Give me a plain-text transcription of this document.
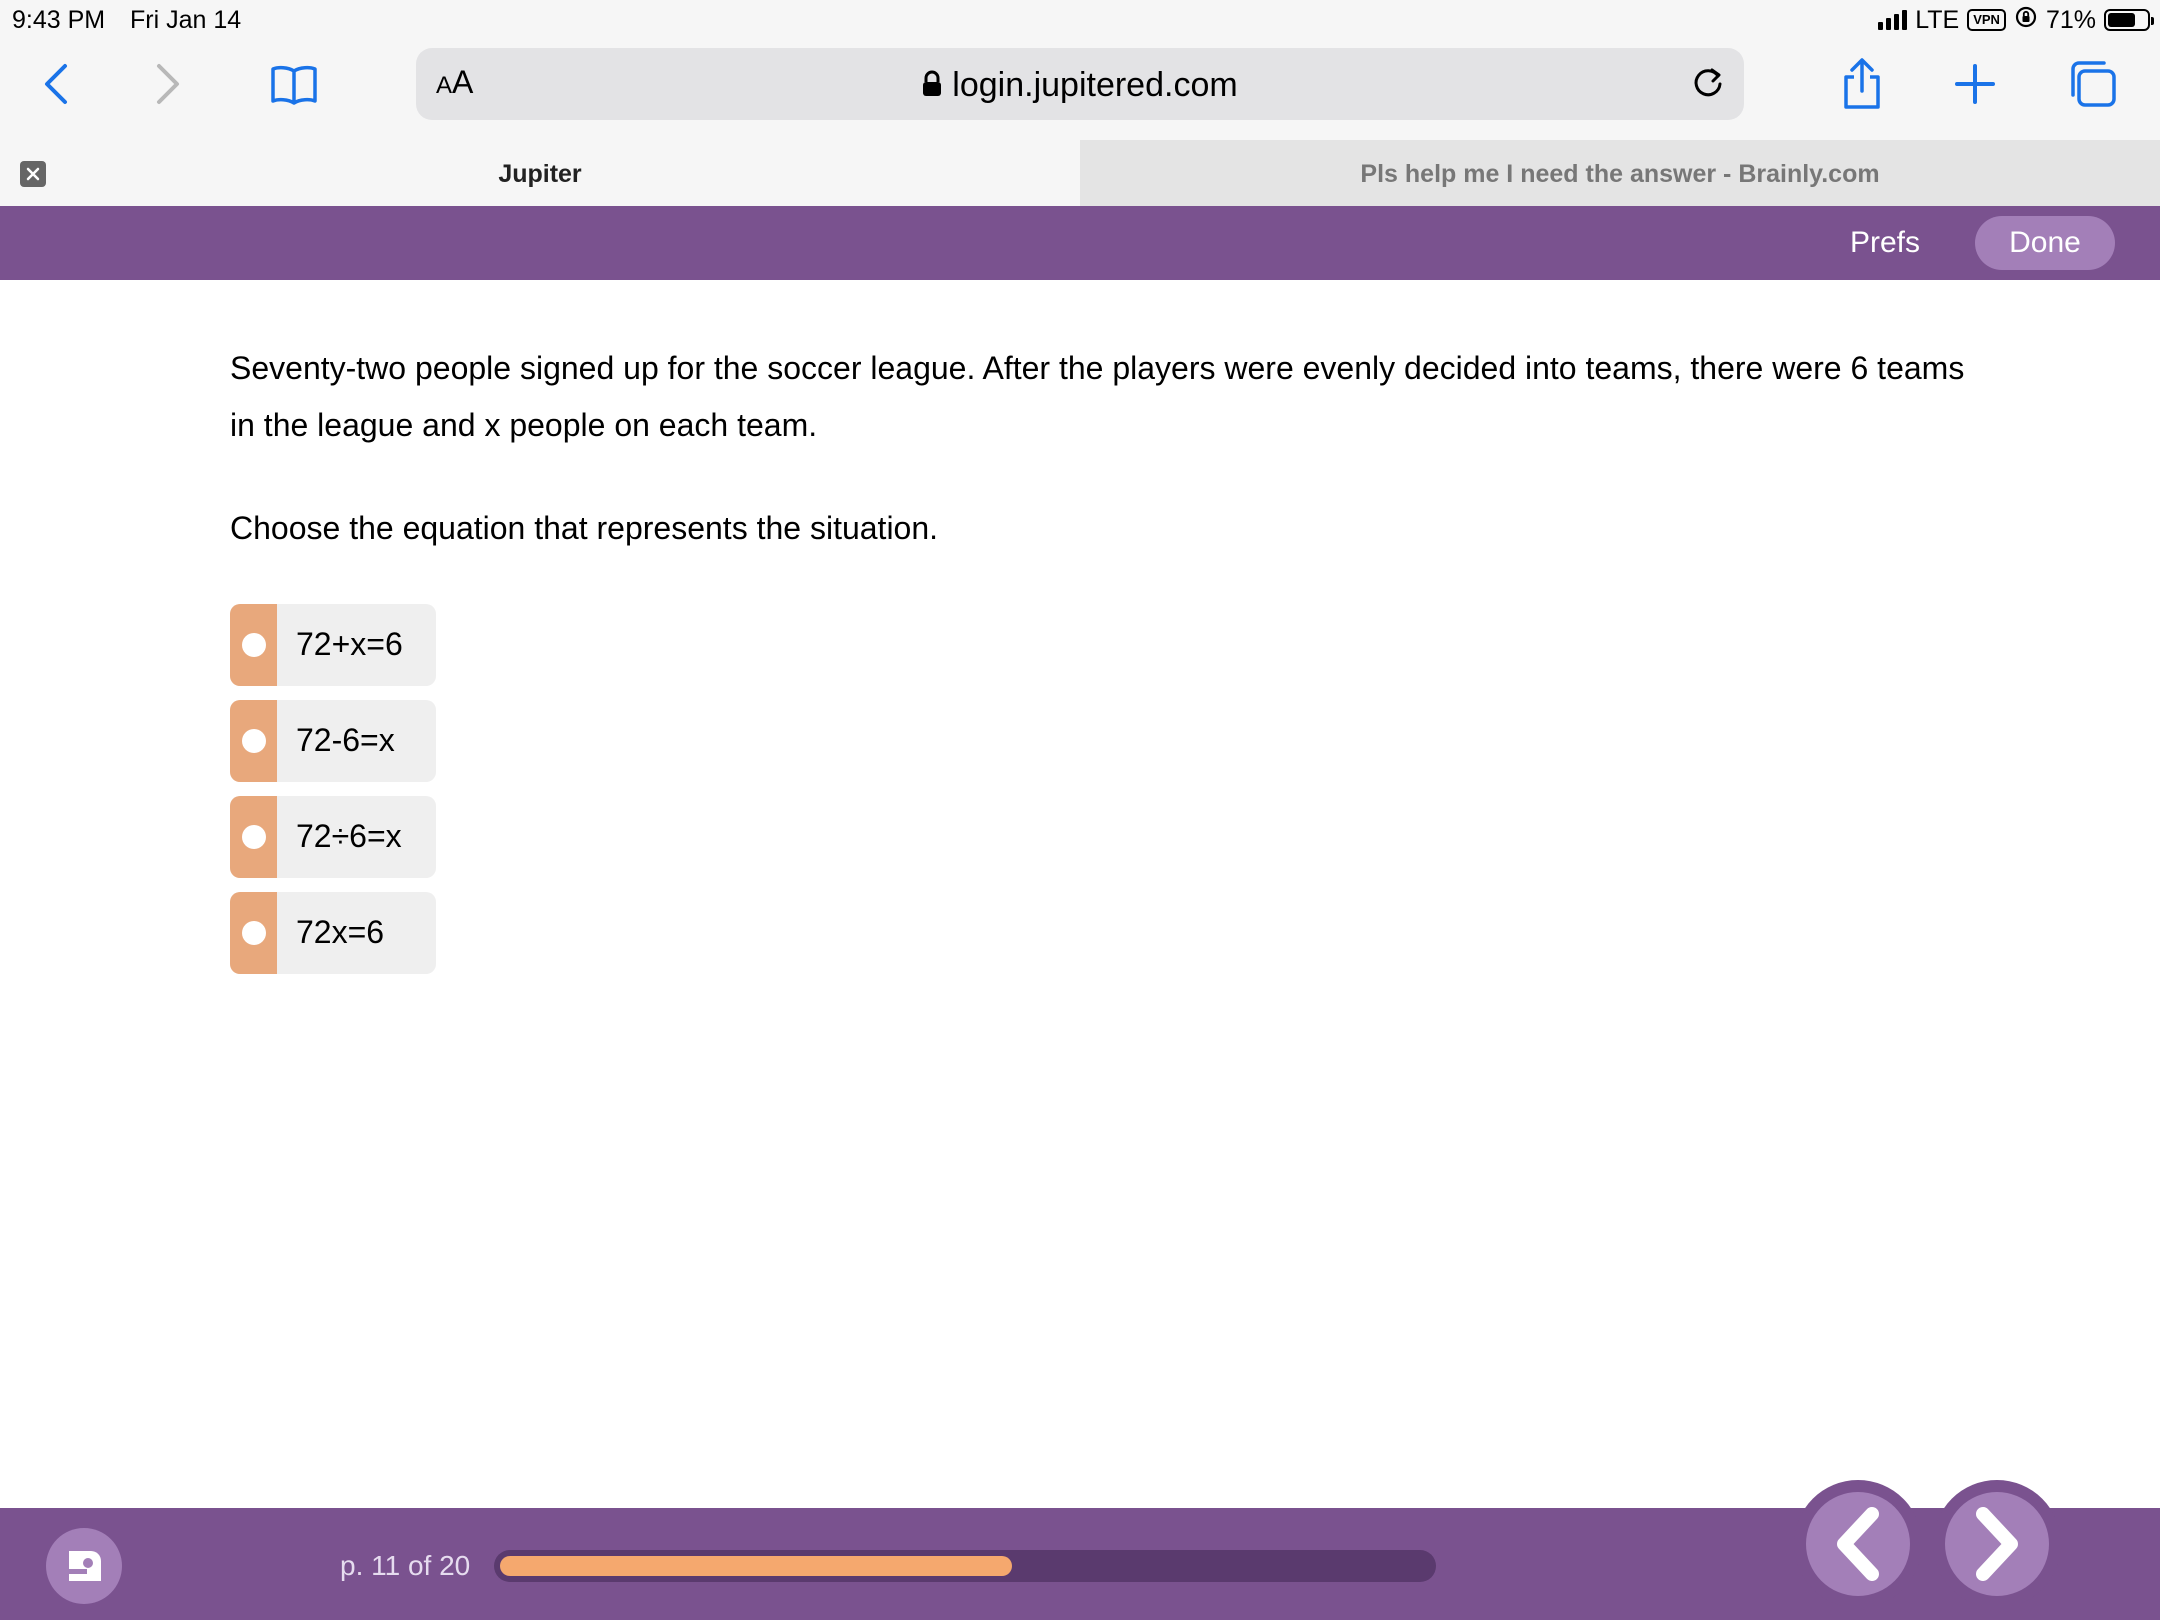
9:43 PM Fri Jan 14	LTE	VPN 71%
AA	login.jupitered.com
Jupiter	Pls help me I need the answer - Brainly.com
Prefs	Done
Seventy-two people signed up for the soccer league. After the players were evenly decided into teams, there were 6 teams in the league and x people on each team.
Choose the equation that represents the situation.
72+x=6
72-6=x
72÷6=x
72x=6
p. 11 of 20
